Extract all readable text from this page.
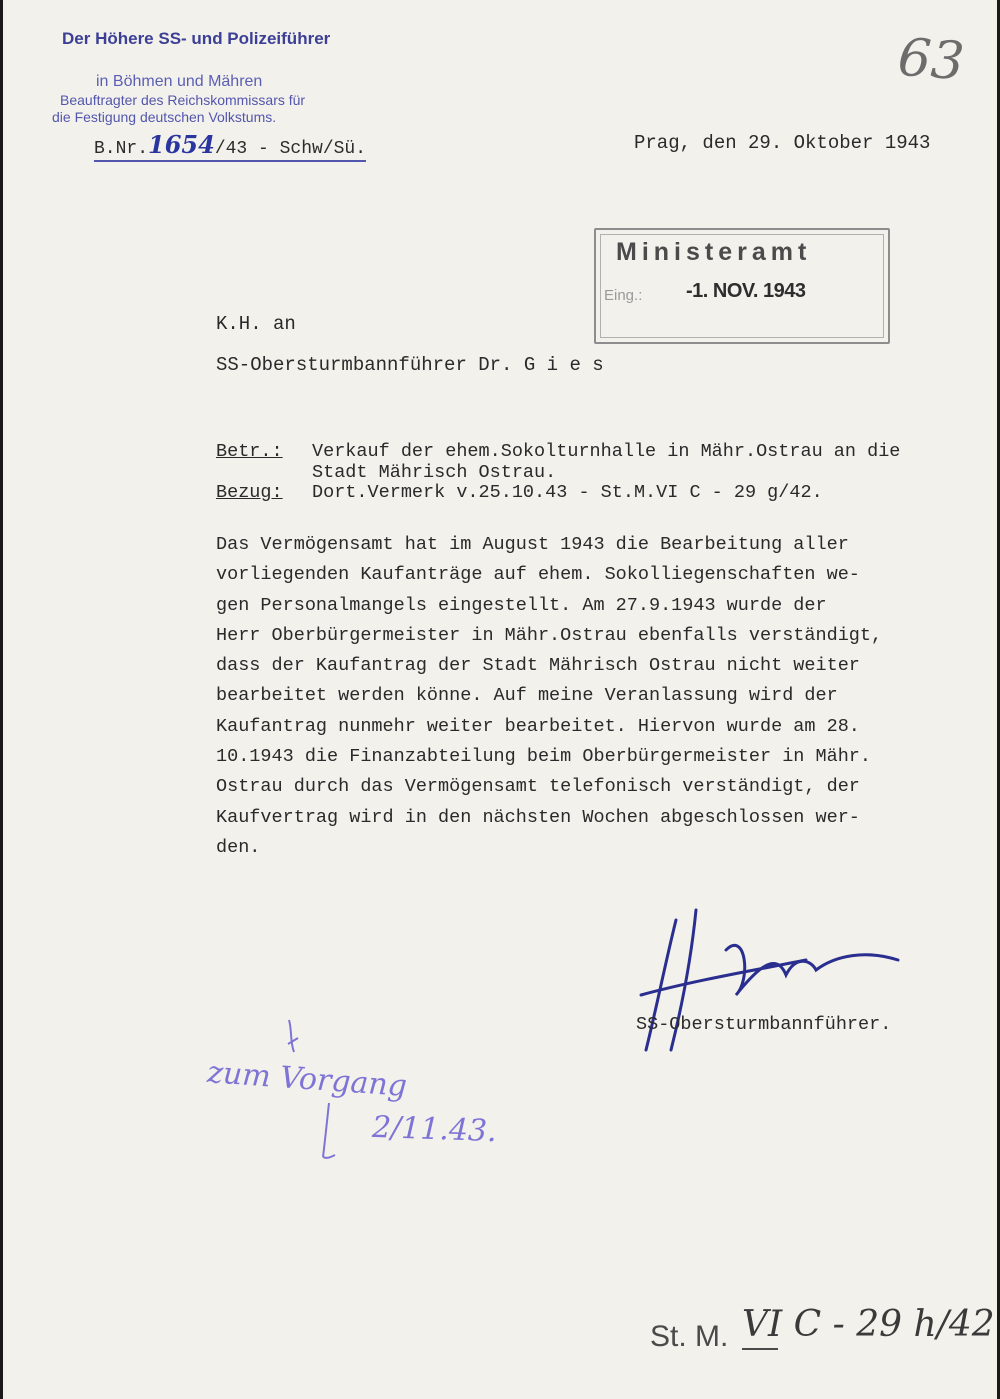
Der Höhere SS- und Polizeiführer
in Böhmen und Mähren
Beauftragter des Reichskommissars für
die Festigung deutschen Volkstums.
B.Nr.1654/43 - Schw/Sü.
63
Prag, den 29. Oktober 1943
Ministeramt
Eing.: -1. NOV. 1943
K.H. an
SS-Obersturmbannführer Dr. G i e s
Betr.: Verkauf der ehem.Sokolturnhalle in Mähr.Ostrau an die
Stadt Mährisch Ostrau.
Bezug: Dort.Vermerk v.25.10.43 - St.M.VI C - 29 g/42.
Das Vermögensamt hat im August 1943 die Bearbeitung aller
vorliegenden Kaufanträge auf ehem. Sokolliegenschaften we-
gen Personalmangels eingestellt. Am 27.9.1943 wurde der
Herr Oberbürgermeister in Mähr.Ostrau ebenfalls verständigt,
dass der Kaufantrag der Stadt Mährisch Ostrau nicht weiter
bearbeitet werden könne. Auf meine Veranlassung wird der
Kaufantrag nunmehr weiter bearbeitet. Hiervon wurde am 28.
10.1943 die Finanzabteilung beim Oberbürgermeister in Mähr.
Ostrau durch das Vermögensamt telefonisch verständigt, der
Kaufvertrag wird in den nächsten Wochen abgeschlossen wer-
den.
SS-Obersturmbannführer.
zum Vorgang
2/11.43.
St. M. VI C - 29 h/42
